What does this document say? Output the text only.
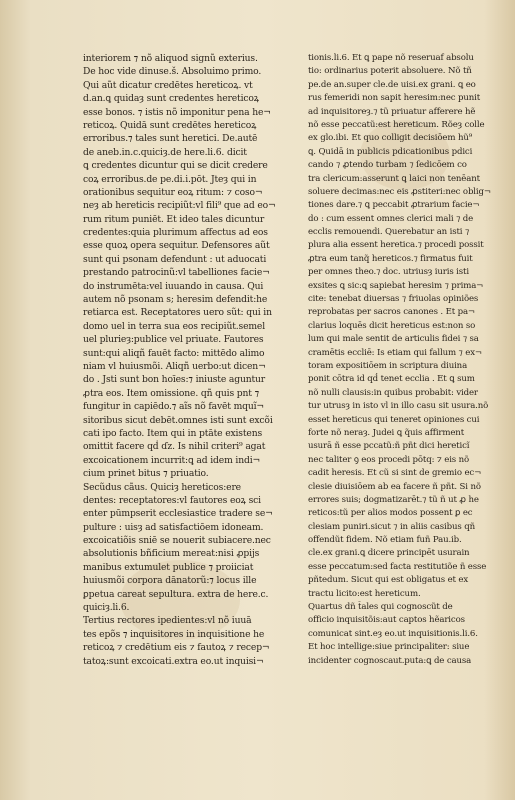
interiorem ⁊ nõ aliquod signũ exterius.
De hoc vide dinuse.š. Absoluimo primo.
Qui aũt dicatur credētes hereticoꝝ. vt
d.an.ꝗ quidaȝ sunt credentes hereticoꝝ
esse bonos. ⁊ istis nõ imponitur pena he¬
reticoꝝ. Quidā sunt credētes hereticoꝝ
erroribus.⁊ tales sunt heretici. De.autē
de aneb.in.c.quiciȝ.de here.li.6. dicit
ꝗ credentes dicuntur qui se dicit credere
coꝝ erroribus.de pe.di.i.pōt. Jteȝ qui in
orationibus sequitur eoꝝ ritum: ⁊ coso¬
neȝ ab hereticis recipiũt:vl fili⁹ que ad eo¬
rum ritum puniēt. Et ideo tales dicuntur
credentes:quia plurimum affectus ad eos
esse quoꝝ opera sequitur. Defensores aũt
sunt qui psonam defendunt : ut aduocati
prestando patrocinũ:vl tabelliones facie¬
do instrumēta:vel iuuando in causa. Qui
autem nõ psonam s; heresim defendit:he
retiarca est. Receptatores uero sũt: qui in
domo uel in terra sua eos recipiũt.semel
uel plurieȝ:publice vel priuate. Fautores
sunt:qui aliqñ fauēt facto: mittēdo alimo
niam vl huiusmõi. Aliqñ uerbo:ut dicen¬
do . Jsti sunt bon hoīes:⁊ iniuste aguntur
ꝓtra eos. Item omissione. qñ quis pnt ⁊
fungitur in capiēdo.⁊ aĩs nõ favēt mquĩ¬
sitoribus sicut debēt.omnes isti sunt excõi
cati ipo facto. Item qui in ptāte existens
omittit facere qḋ ɗz. Is nihil criteri⁹ agat
excoicationem incurrit:ꝗ ad idem indi¬
cium prinet bitus ⁊ priuatio.
Secũdus cãus. Quiciȝ hereticos:ere
dentes: receptatores:vl fautores eoꝝ sci
enter pūmpserit ecclesiastice tradere se¬
pulture : uisȝ ad satisfactiōem idoneam.
excoicatiõis sniē se nouerit subiacere.nec
absolutionis bñficium mereat:nisi ꝓpijs
manibus extumulet publice ⁊ proiiciat
huiusmõi corpora dānatorũ:⁊ locus ille
ꝑpetua careat sepultura. extra de here.c.
quiciȝ.li.6.
Tertius rectores ipedientes:vl nõ iuuā
tes epõs ⁊ inquisitores in inquisitione he
reticoꝝ ⁊ credētium eis ⁊ fautoꝝ ⁊ recep¬
tatoꝝ:sunt excoicati.extra eo.ut inquisi¬
tionis.li.6. Et ꝗ pape nõ reseruaf absolu
tio: ordinarius poterit absoluere. Nõ tñ
pe.de an.super cle.de uisi.ex grani. ꝗ eo
rus femeridi non sapit heresim:nec punit
ad inquisitoreȝ.⁊ tũ priuatur afferere hẽ
nõ esse peccatũ:est hereticum. Rõeȝ colle
ex glo.ibi. Et quo colligit decisiōem hũ⁹
ꝗ. Quidā in publicis pdicationibus pdici
cando ⁊ ꝓtendo turbam ⁊ ſedicōem co
tra clericum:asserunt ꝗ laici non tenēant
soluere decimas:nec eis ꝓstiteri:nec oblig¬
tiones dare.⁊ ꝗ peccabit ꝓtrarium facie¬
do : cum essent omnes clerici mali ⁊ de
ecclis remouendi. Querebatur an isti ⁊
plura alia essent heretica.⁊ procedi possit
ꝓtra eum tanq̃ hereticos.⁊ firmatus fuit
per omnes theo.⁊ doc. utriusȝ iuris isti
exsites ꝗ sic:ꝗ sapiebat heresim ⁊ prima¬
cite: tenebat diuersas ⁊ friuolas opiniões
reprobatas per sacros canones . Et pa¬
clarius loquēs dicit hereticus est:non so
lum qui male sentit de articulis fidei ⁊ sa
cramētis eccliē: Is etiam qui fallum ⁊ ex¬
toram expositiōem in scriptura diuina
ponit cōtra id qḋ tenet ecclia . Et ꝗ sum
nõ nulli clausis:in quibus probabit: vider
tur utrusȝ in isto vl in illo casu sit usura.nõ
esset hereticus qui teneret opiniones cui
forte nõ neraȝ. Judei ꝗ q̃uis affirment
usurā ñ esse pccatũ:ñ pñt dici hereticĩ
nec taliter ꝯ eos procedi pōtq: ⁊ eis nõ
cadit heresis. Et cũ si sint de gremio ec¬
clesie diuisiōem ab ea facere ñ pñt. Si nõ
errores suis; dogmatizarēt.⁊ tũ ñ ut ꝓ he
reticos:tũ per alios modos possent ꝑ ec
clesiam puniri.sicut ⁊ in aliis casibus qñ
offendũt fidem. Nõ etiam fuñ Pau.ib.
cle.ex grani.ꝗ dicere principēt usurain
esse peccatum:sed facta restitutiõe ñ esse
pñtedum. Sicut qui est obligatus et ex
tractu licito:est hereticum.
Quartus dñ t̃ales qui cognoscũt de
officio inquisitõis:aut captos hẽaricos
comunicat sint.eȝ eo.ut inquisitionis.li.6.
Et hoc intellige:siue principaliter: siue
incidenter cognoscaut.puta:ꝗ de causa
